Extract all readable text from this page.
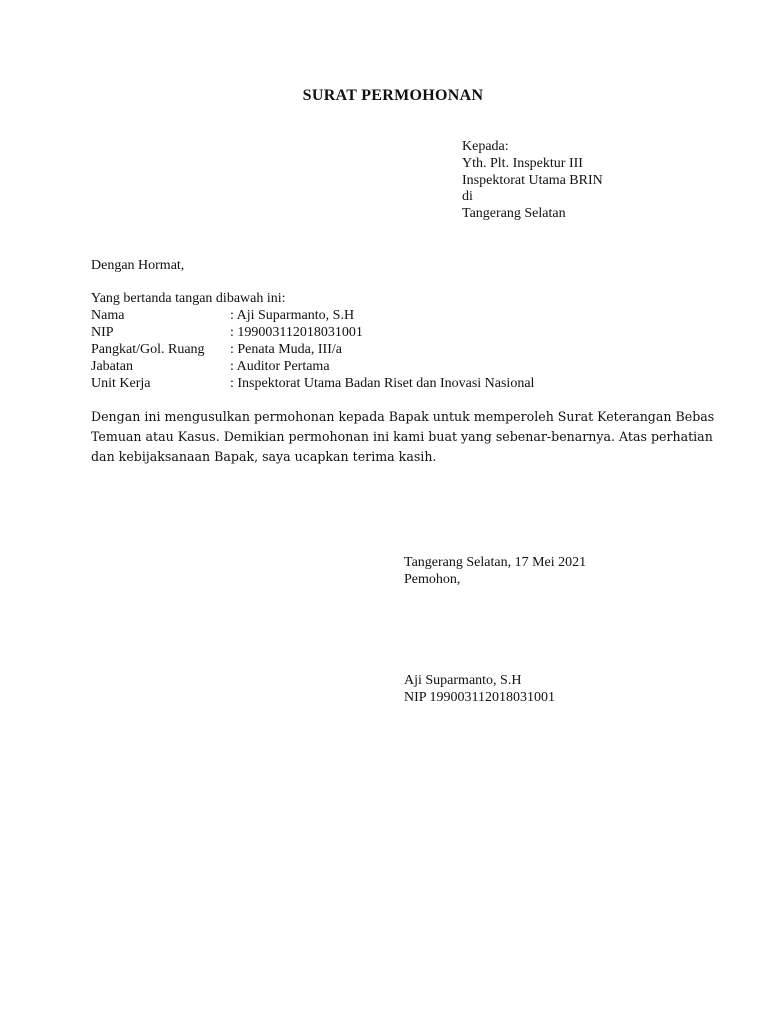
SURAT PERMOHONAN
Kepada:
Yth. Plt. Inspektur III
Inspektorat Utama BRIN
di
Tangerang Selatan
Dengan Hormat,
Yang bertanda tangan dibawah ini:
Nama	: Aji Suparmanto, S.H
NIP	: 199003112018031001
Pangkat/Gol. Ruang	: Penata Muda, III/a
Jabatan	: Auditor Pertama
Unit Kerja	: Inspektorat Utama Badan Riset dan Inovasi Nasional
Dengan ini mengusulkan permohonan kepada Bapak untuk memperoleh Surat Keterangan Bebas
Temuan atau Kasus. Demikian permohonan ini kami buat yang sebenar-benarnya. Atas perhatian
dan kebijaksanaan Bapak, saya ucapkan terima kasih.
Tangerang Selatan, 17 Mei 2021
Pemohon,
Aji Suparmanto, S.H
NIP 199003112018031001
